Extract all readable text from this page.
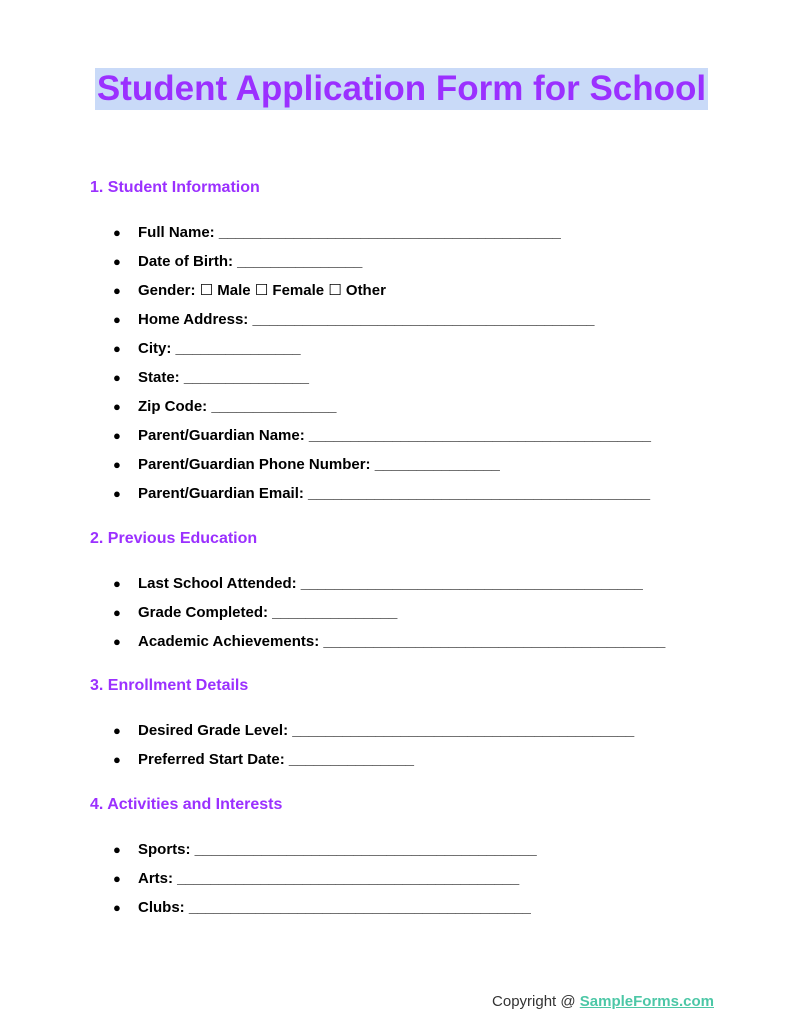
Student Application Form for School
1. Student Information
● Full Name: _________________________________________
● Date of Birth: _______________
● Gender: ☐ Male ☐ Female ☐ Other
● Home Address: _________________________________________
● City: _______________
● State: _______________
● Zip Code: _______________
● Parent/Guardian Name: _________________________________________
● Parent/Guardian Phone Number: _______________
● Parent/Guardian Email: _________________________________________
2. Previous Education
● Last School Attended: _________________________________________
● Grade Completed: _______________
● Academic Achievements: _________________________________________
3. Enrollment Details
● Desired Grade Level: _________________________________________
● Preferred Start Date: _______________
4. Activities and Interests
● Sports: _________________________________________
● Arts: _________________________________________
● Clubs: _________________________________________
Copyright @ SampleForms.com
